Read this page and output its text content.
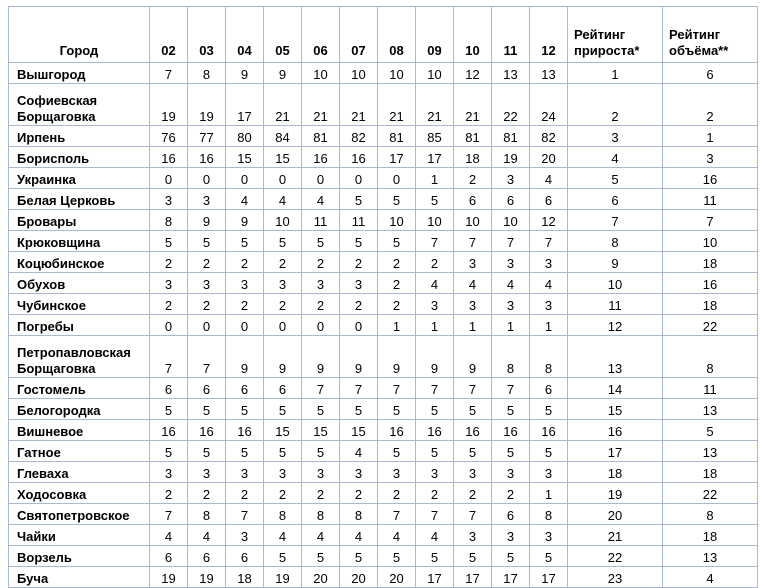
Город	02	03	04	05	06	07	08	09	10	11	12	Рейтинг прироста*	Рейтинг объёма**
Вышгород	7	8	9	9	10	10	10	10	12	13	13	1	6
Софиевская Борщаговка	19	19	17	21	21	21	21	21	21	22	24	2	2
Ирпень	76	77	80	84	81	82	81	85	81	81	82	3	1
Борисполь	16	16	15	15	16	16	17	17	18	19	20	4	3
Украинка	0	0	0	0	0	0	0	1	2	3	4	5	16
Белая Церковь	3	3	4	4	4	5	5	5	6	6	6	6	11
Бровары	8	9	9	10	11	11	10	10	10	10	12	7	7
Крюковщина	5	5	5	5	5	5	5	7	7	7	7	8	10
Коцюбинское	2	2	2	2	2	2	2	2	3	3	3	9	18
Обухов	3	3	3	3	3	3	2	4	4	4	4	10	16
Чубинское	2	2	2	2	2	2	2	3	3	3	3	11	18
Погребы	0	0	0	0	0	0	1	1	1	1	1	12	22
Петропавловская Борщаговка	7	7	9	9	9	9	9	9	9	8	8	13	8
Гостомель	6	6	6	6	7	7	7	7	7	7	6	14	11
Белогородка	5	5	5	5	5	5	5	5	5	5	5	15	13
Вишневое	16	16	16	15	15	15	16	16	16	16	16	16	5
Гатное	5	5	5	5	5	4	5	5	5	5	5	17	13
Глеваха	3	3	3	3	3	3	3	3	3	3	3	18	18
Ходосовка	2	2	2	2	2	2	2	2	2	2	1	19	22
Святопетровское	7	8	7	8	8	8	7	7	7	6	8	20	8
Чайки	4	4	3	4	4	4	4	4	3	3	3	21	18
Ворзель	6	6	6	5	5	5	5	5	5	5	5	22	13
Буча	19	19	18	19	20	20	20	17	17	17	17	23	4
